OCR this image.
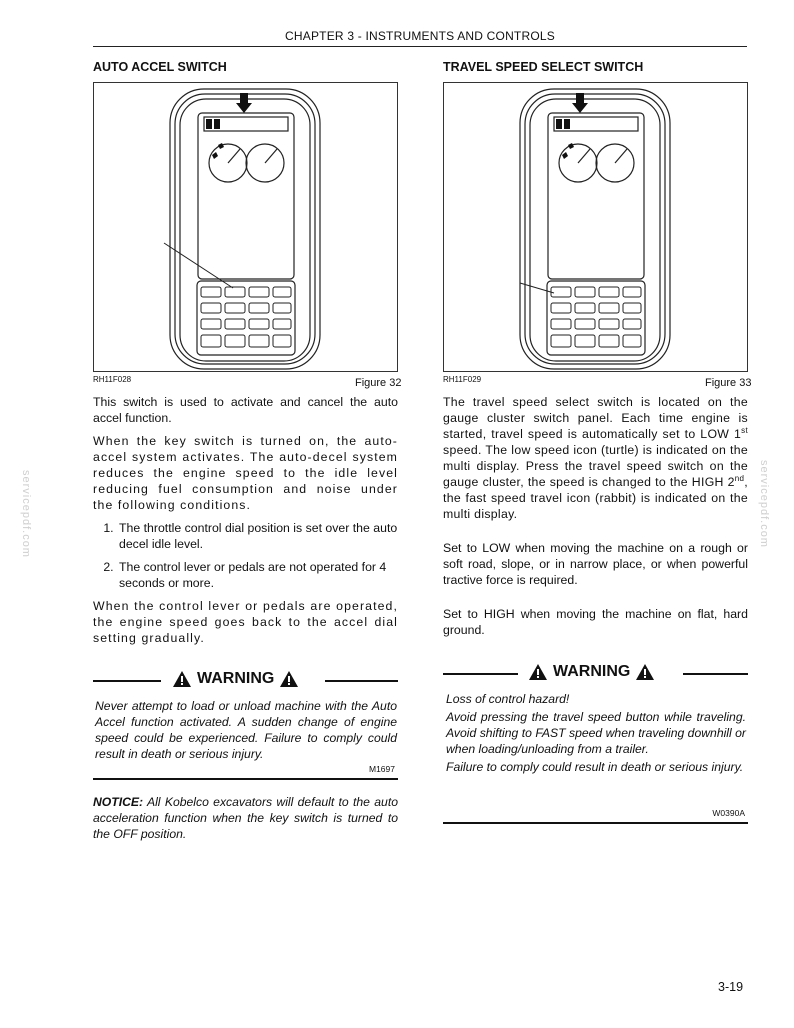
servicepdf.com	servicepdf.com
CHAPTER 3 - INSTRUMENTS AND CONTROLS
AUTO ACCEL SWITCH
RH11F028	Figure 32

This switch is used to activate and cancel the auto accel function.

When the key switch is turned on, the auto-accel system activates. The auto-decel system reduces the engine speed to the idle level reducing fuel consumption and noise under the following conditions.

1. The throttle control dial position is set over the auto decel idle level.
2. The control lever or pedals are not operated for 4 seconds or more.

When the control lever or pedals are operated, the engine speed goes back to the accel dial setting gradually.

WARNING
Never attempt to load or unload machine with the Auto Accel function activated. A sudden change of engine speed could be experienced. Failure to comply could result in death or serious injury.
M1697
NOTICE: All Kobelco excavators will default to the auto acceleration function when the key switch is turned to the OFF position.
TRAVEL SPEED SELECT SWITCH
RH11F029	Figure 33

The travel speed select switch is located on the gauge cluster switch panel. Each time engine is started, travel speed is automatically set to LOW 1st speed. The low speed icon (turtle) is indicated on the multi display. Press the travel speed switch on the gauge cluster, the speed is changed to the HIGH 2nd, the fast speed travel icon (rabbit) is indicated on the multi display.

Set to LOW when moving the machine on a rough or soft road, slope, or in narrow place, or when powerful tractive force is required.

Set to HIGH when moving the machine on flat, hard ground.

WARNING

Loss of control hazard!

Avoid pressing the travel speed button while traveling. Avoid shifting to FAST speed when traveling downhill or when loading/unloading from a trailer.

Failure to comply could result in death or serious injury.

W0390A
3-19
